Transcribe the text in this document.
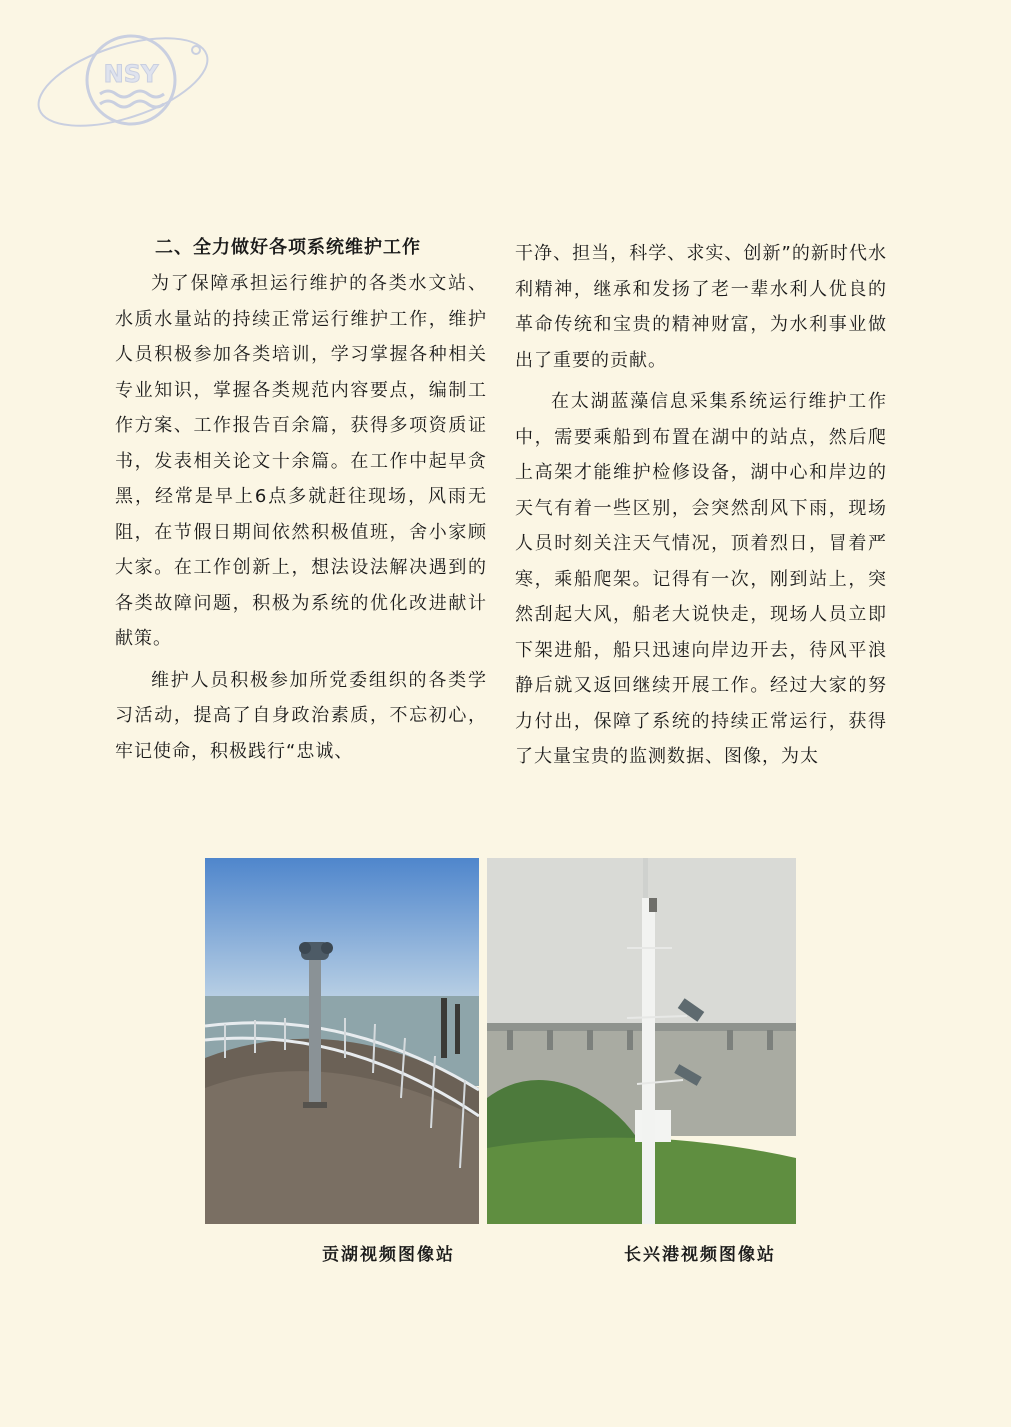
NSY
二、全力做好各项系统维护工作

为了保障承担运行维护的各类水文站、水质水量站的持续正常运行维护工作，维护人员积极参加各类培训，学习掌握各种相关专业知识，掌握各类规范内容要点，编制工作方案、工作报告百余篇，获得多项资质证书，发表相关论文十余篇。在工作中起早贪黑，经常是早上6点多就赶往现场，风雨无阻，在节假日期间依然积极值班，舍小家顾大家。在工作创新上，想法设法解决遇到的各类故障问题，积极为系统的优化改进献计献策。

维护人员积极参加所党委组织的各类学习活动，提高了自身政治素质，不忘初心，牢记使命，积极践行“忠诚、

干净、担当，科学、求实、创新”的新时代水利精神，继承和发扬了老一辈水利人优良的革命传统和宝贵的精神财富，为水利事业做出了重要的贡献。

在太湖蓝藻信息采集系统运行维护工作中，需要乘船到布置在湖中的站点，然后爬上高架才能维护检修设备，湖中心和岸边的天气有着一些区别，会突然刮风下雨，现场人员时刻关注天气情况，顶着烈日，冒着严寒，乘船爬架。记得有一次，刚到站上，突然刮起大风，船老大说快走，现场人员立即下架进船，船只迅速向岸边开去，待风平浪静后就又返回继续开展工作。经过大家的努力付出，保障了系统的持续正常运行，获得了大量宝贵的监测数据、图像，为太

贡湖视频图像站	长兴港视频图像站
